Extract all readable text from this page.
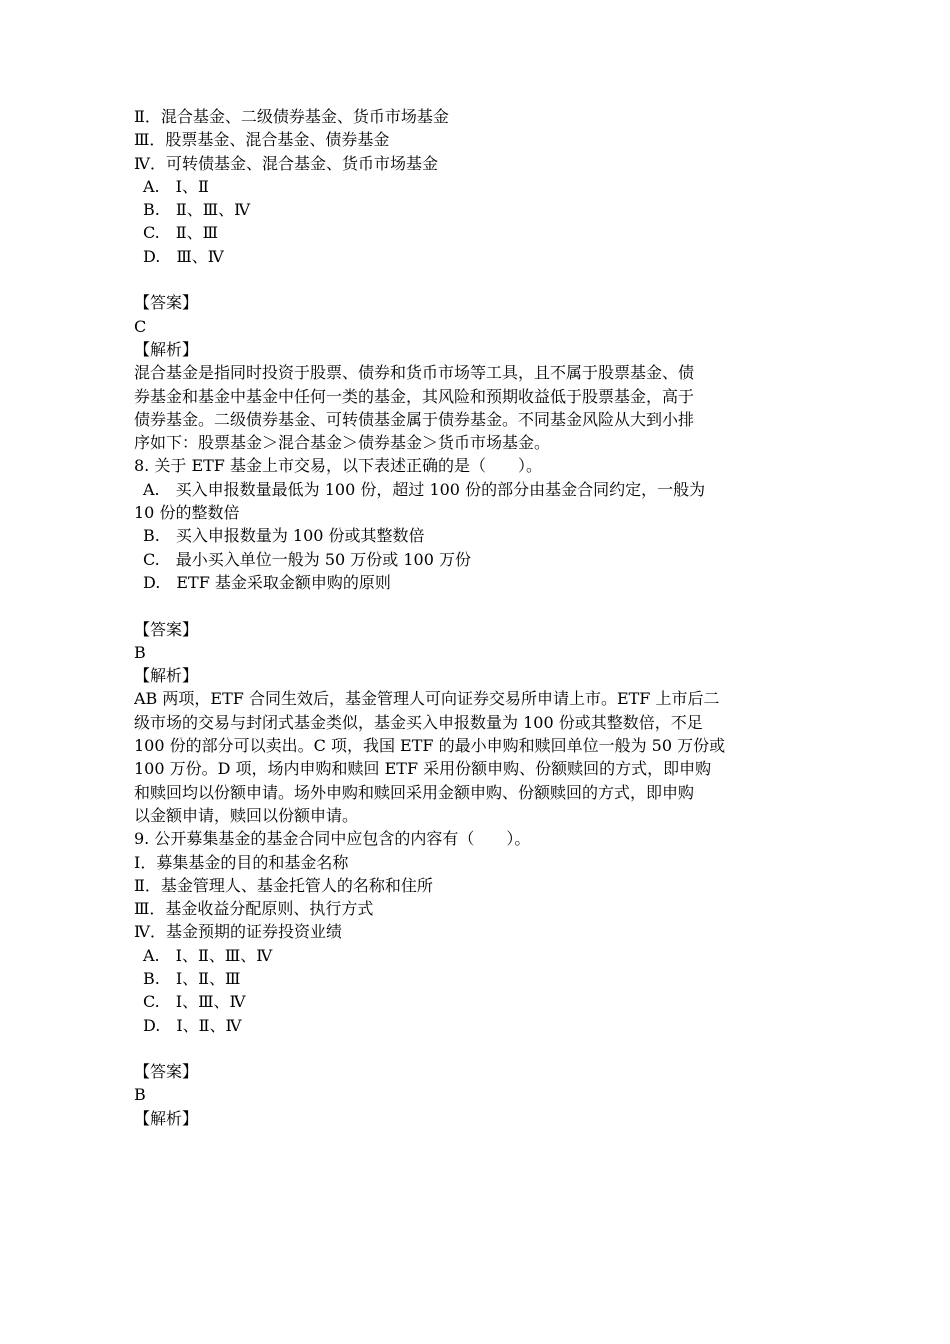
Ⅱ．混合基金、二级债券基金、货币市场基金
Ⅲ．股票基金、混合基金、债券基金
Ⅳ．可转债基金、混合基金、货币市场基金
A.　Ⅰ、Ⅱ
B.　Ⅱ、Ⅲ、Ⅳ
C.　Ⅱ、Ⅲ
D.　Ⅲ、Ⅳ
【答案】
C
【解析】
混合基金是指同时投资于股票、债券和货币市场等工具，且不属于股票基金、债
券基金和基金中基金中任何一类的基金，其风险和预期收益低于股票基金，高于
债券基金。二级债券基金、可转债基金属于债券基金。不同基金风险从大到小排
序如下：股票基金＞混合基金＞债券基金＞货币市场基金。
8. 关于 ETF 基金上市交易，以下表述正确的是（　　）。
A.　买入申报数量最低为 100 份，超过 100 份的部分由基金合同约定，一般为
10 份的整数倍
B.　买入申报数量为 100 份或其整数倍
C.　最小买入单位一般为 50 万份或 100 万份
D.　ETF 基金采取金额申购的原则
【答案】
B
【解析】
AB 两项，ETF 合同生效后，基金管理人可向证券交易所申请上市。ETF 上市后二
级市场的交易与封闭式基金类似，基金买入申报数量为 100 份或其整数倍，不足
100 份的部分可以卖出。C 项，我国 ETF 的最小申购和赎回单位一般为 50 万份或
100 万份。D 项，场内申购和赎回 ETF 采用份额申购、份额赎回的方式，即申购
和赎回均以份额申请。场外申购和赎回采用金额申购、份额赎回的方式，即申购
以金额申请，赎回以份额申请。
9. 公开募集基金的基金合同中应包含的内容有（　　）。
Ⅰ．募集基金的目的和基金名称
Ⅱ．基金管理人、基金托管人的名称和住所
Ⅲ．基金收益分配原则、执行方式
Ⅳ．基金预期的证券投资业绩
A.　Ⅰ、Ⅱ、Ⅲ、Ⅳ
B.　Ⅰ、Ⅱ、Ⅲ
C.　Ⅰ、Ⅲ、Ⅳ
D.　Ⅰ、Ⅱ、Ⅳ
【答案】
B
【解析】
